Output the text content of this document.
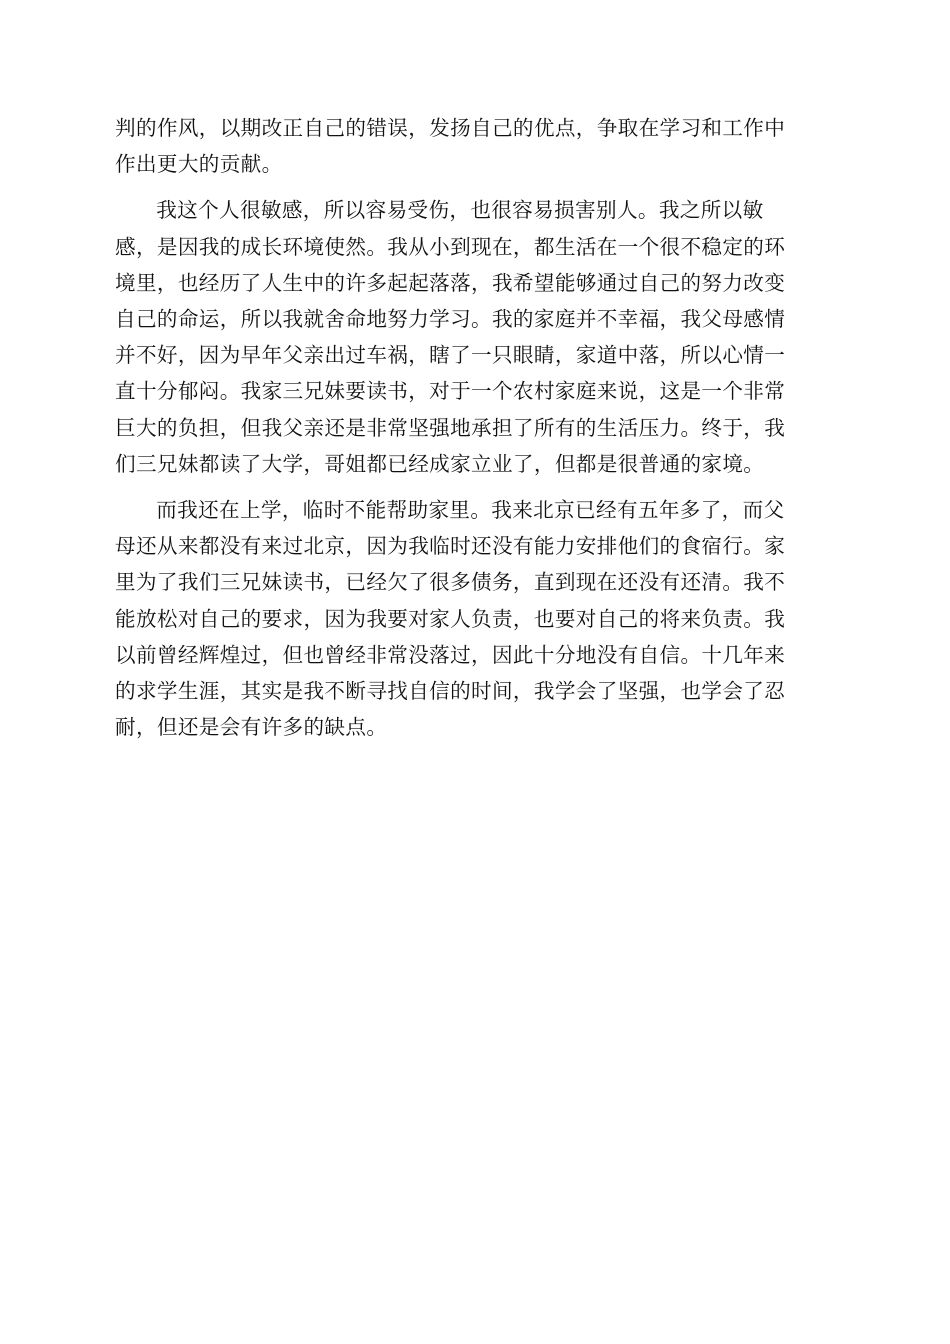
判的作风，以期改正自己的错误，发扬自己的优点，争取在学习和工作中
作出更大的贡献。

我这个人很敏感，所以容易受伤，也很容易损害别人。我之所以敏
感，是因我的成长环境使然。我从小到现在，都生活在一个很不稳定的环
境里，也经历了人生中的许多起起落落，我希望能够通过自己的努力改变
自己的命运，所以我就舍命地努力学习。我的家庭并不幸福，我父母感情
并不好，因为早年父亲出过车祸，瞎了一只眼睛，家道中落，所以心情一
直十分郁闷。我家三兄妹要读书，对于一个农村家庭来说，这是一个非常
巨大的负担，但我父亲还是非常坚强地承担了所有的生活压力。终于，我
们三兄妹都读了大学，哥姐都已经成家立业了，但都是很普通的家境。

而我还在上学，临时不能帮助家里。我来北京已经有五年多了，而父
母还从来都没有来过北京，因为我临时还没有能力安排他们的食宿行。家
里为了我们三兄妹读书，已经欠了很多债务，直到现在还没有还清。我不
能放松对自己的要求，因为我要对家人负责，也要对自己的将来负责。我
以前曾经辉煌过，但也曾经非常没落过，因此十分地没有自信。十几年来
的求学生涯，其实是我不断寻找自信的时间，我学会了坚强，也学会了忍
耐，但还是会有许多的缺点。
